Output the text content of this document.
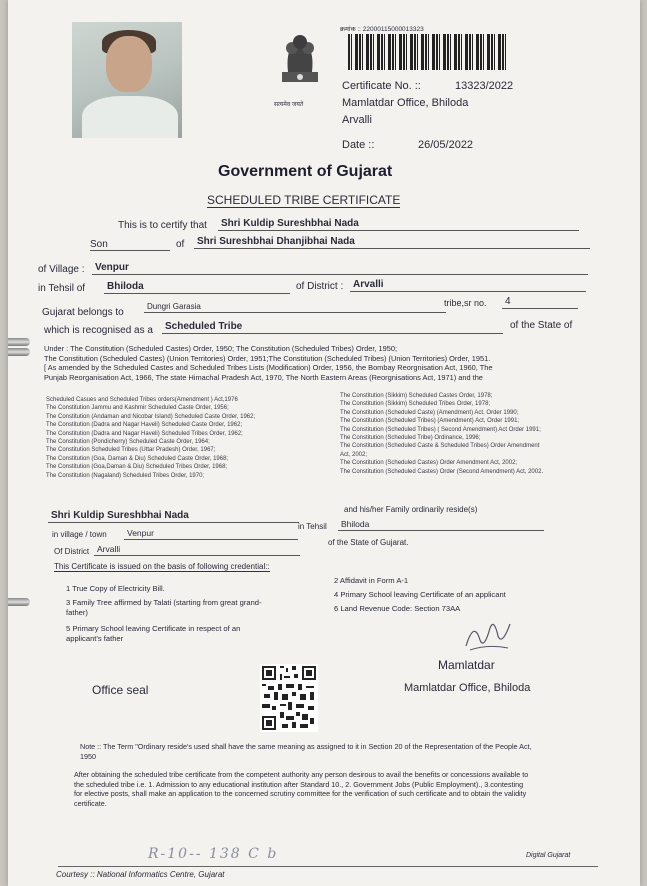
सत्यमेव जयते
क्रमांक :: 22000115000013323
Certificate No. ::	13323/2022
Mamlatdar Office, Bhiloda
Arvalli
Date ::	26/05/2022
Government of Gujarat
SCHEDULED TRIBE CERTIFICATE
This is to certify that	Shri Kuldip Sureshbhai Nada
Son	of	Shri Sureshbhai Dhanjibhai Nada
of Village :	Venpur
in Tehsil of	Bhiloda	of District : Arvalli
Gujarat belongs to
Dungri Garasia	tribe,sr no.	4
which is recognised as a	Scheduled Tribe	of the State of
Under : The Constitution (Scheduled Castes) Order, 1950; The Constitution (Scheduled Tribes) Order, 1950;
The Constitution (Scheduled Castes) (Union Territories) Order, 1951;The Constitution (Scheduled Tribes) (Union Territories) Order, 1951.
[ As amended by the Scheduled Castes and Scheduled Tribes Lists (Modification) Order, 1956, the Bombay Reorgnisation Act, 1960, The
Punjab Reorganisation Act, 1966, The state Himachal Pradesh Act, 1970, The North Eastern Areas (Reorgnisations Act, 1971) and the
Scheduled Casues and Scheduled Tribes orders(Amendment ) Act,1976
The Constitution Jammu and Kashmir Scheduled Caste Order, 1956;
The Constitution (Andaman and Nicobar Island) Scheduled Caste Order, 1962;
The Constitution (Dadra and Nagar Haveli) Scheduled Caste Order, 1962;
The Constitution (Dadra and Nagar Haveli) Scheduled Tribes Order, 1962;
The Constitution (Pondicherry) Scheduled Caste Order, 1964;
The Constitution Scheduled Tribes (Uttar Pradesh) Order, 1967;
The Constitution (Goa, Daman & Diu) Scheduled Caste Order, 1968;
The Constitution (Goa,Daman & Diu) Scheduled Tribes Order, 1968;
The Constitution (Nagaland) Scheduled Tribes Order, 1970;
The Constitution (Sikkim) Scheduled Castes Order, 1978;
The Constitution (Sikkim) Scheduled Tribes Order, 1978;
The Constitution (Scheduled Caste) (Amendment) Act, Order 1990;
The Constitution (Scheduled Tribes) (Amendment) Act, Order 1991;
The Constitution (Scheduled Tribes) ( Second Amendment) Act Order 1991;
The Constitution (Scheduled Tribe) Ordinance, 1996;
The Constitution (Scheduled Caste & Scheduled Tribes) Order Amendment
Act, 2002;
The Constitution (Scheduled Castes) Order Amendment Act, 2002;
The Constitution (Scheduled Castes) Order (Second Amendment) Act, 2002.
and his/her Family ordinarily reside(s)
Shri Kuldip Sureshbhai Nada
in village / town	Venpur
in Tehsil	Bhiloda
Of District Arvalli
of the State of Gujarat.
This Certificate is issued on the basis of following credential::
1 True Copy of Electricity Bill.
3 Family Tree affirmed by Talati (starting from great grand-
father)
5 Primary School leaving Certificate in respect of an
applicant's father
2 Affidavit in Form A-1
4 Primary School leaving Certificate of an applicant
6 Land Revenue Code: Section 73AA
Office seal
Mamlatdar
Mamlatdar Office, Bhiloda
Note :: The Term "Ordinary reside's used shall have the same meaning as assigned to it in Section 20 of the Representation of the People Act,
1950
After obtaining the scheduled tribe certificate from the competent authority any person desirous to avail the benefits or concessions available to
the scheduled tribe i.e. 1. Admission to any educational institution after Standard 10., 2. Government Jobs (Public Employment)., 3.contesting
for elective posts, shall make an application to the concerned scrutiny committee for the verification of such certificate and to obtain the validity
certificate.
R-10-- 138 C b
Courtesy :: National Informatics Centre, Gujarat
Digital Gujarat
